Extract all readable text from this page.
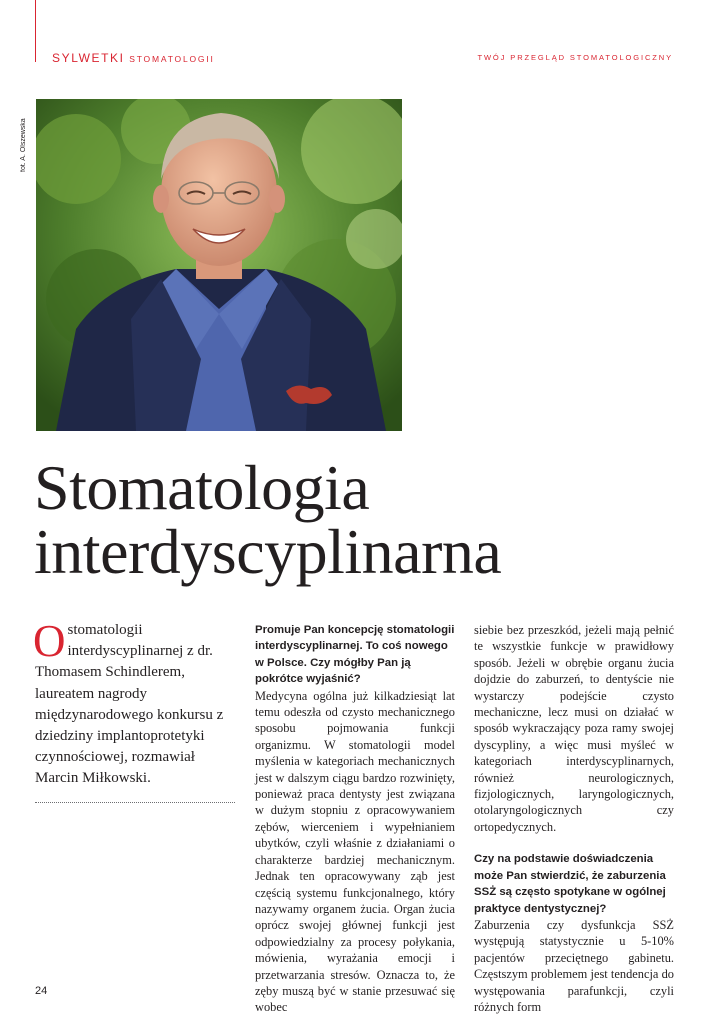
SYLWETKI STOMATOLOGII	TWÓJ PRZEGLĄD STOMATOLOGICZNY
fot. A. Olszewska
Stomatologia
interdyscyplinarna
O stomatologii interdyscyplinarnej z dr. Thomasem Schindlerem, laureatem nagrody międzynarodowego konkursu z dziedziny implantoprotetyki czynnościowej, rozmawiał Marcin Miłkowski.

Promuje Pan koncepcję stomatologii interdyscyplinarnej. To coś nowego w Polsce. Czy mógłby Pan ją pokrótce wyjaśnić?

Medycyna ogólna już kilkadziesiąt lat temu odeszła od czysto mechanicznego sposobu pojmowania funkcji organizmu. W stomatologii model myślenia w kategoriach mechanicznych jest w dalszym ciągu bardzo rozwinięty, ponieważ praca dentysty jest związana w dużym stopniu z opracowywaniem zębów, wierceniem i wypełnianiem ubytków, czyli właśnie z działaniami o charakterze bardziej mechanicznym. Jednak ten opracowywany ząb jest częścią systemu funkcjonalnego, który nazywamy organem żucia. Organ żucia oprócz swojej głównej funkcji jest odpowiedzialny za procesy połykania, mówienia, wyrażania emocji i przetwarzania stresów. Oznacza to, że zęby muszą być w stanie przesuwać się wobec

siebie bez przeszkód, jeżeli mają pełnić te wszystkie funkcje w prawidłowy sposób. Jeżeli w obrębie organu żucia dojdzie do zaburzeń, to dentyście nie wystarczy podejście czysto mechaniczne, lecz musi on działać w sposób wykraczający poza ramy swojej dyscypliny, a więc musi myśleć w kategoriach interdyscyplinarnych, również neurologicznych, fizjologicznych, laryngologicznych, otolaryngologicznych czy ortopedycznych.

Czy na podstawie doświadczenia może Pan stwierdzić, że zaburzenia SSŻ są często spotykane w ogólnej praktyce dentystycznej?

Zaburzenia czy dysfunkcja SSŻ występują statystycznie u 5-10% pacjentów przeciętnego gabinetu. Częstszym problemem jest tendencja do występowania parafunkcji, czyli różnych form

24
